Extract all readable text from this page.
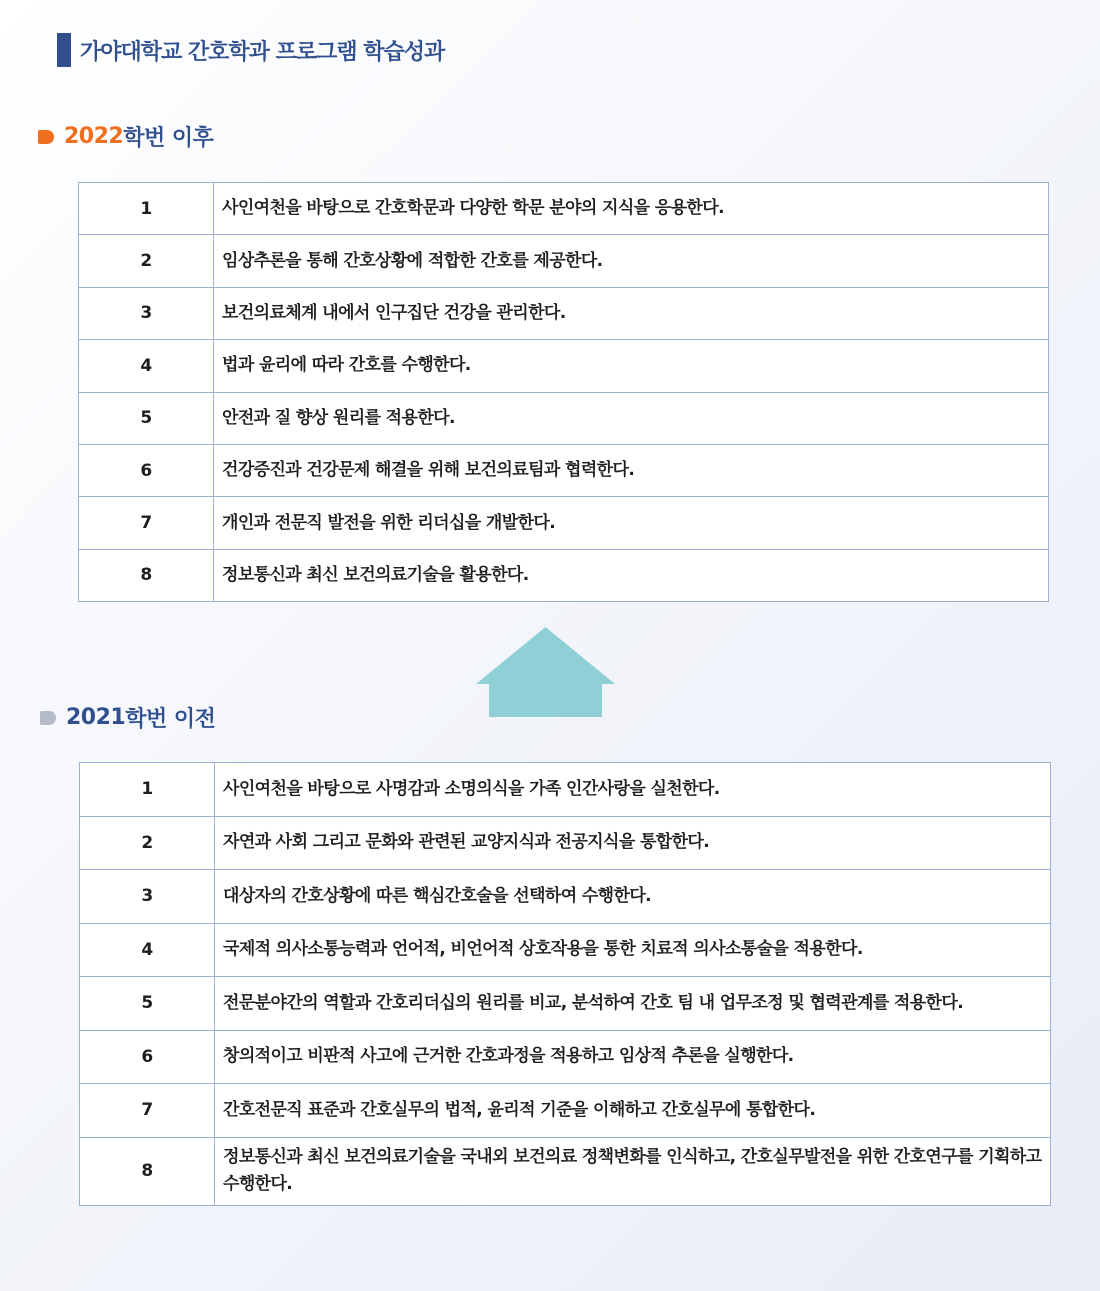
가야대학교 간호학과 프로그램 학습성과
2022 학번 이후
1	사인여천을 바탕으로 간호학문과 다양한 학문 분야의 지식을 응용한다.
2	임상추론을 통해 간호상황에 적합한 간호를 제공한다.
3	보건의료체계 내에서 인구집단 건강을 관리한다.
4	법과 윤리에 따라 간호를 수행한다.
5	안전과 질 향상 원리를 적용한다.
6	건강증진과 건강문제 해결을 위해 보건의료팀과 협력한다.
7	개인과 전문직 발전을 위한 리더십을 개발한다.
8	정보통신과 최신 보건의료기술을 활용한다.
2021 학번 이전
1	사인여천을 바탕으로 사명감과 소명의식을 가족 인간사랑을 실천한다.
2	자연과 사회 그리고 문화와 관련된 교양지식과 전공지식을 통합한다.
3	대상자의 간호상황에 따른 핵심간호술을 선택하여 수행한다.
4	국제적 의사소통능력과 언어적, 비언어적 상호작용을 통한 치료적 의사소통술을 적용한다.
5	전문분야간의 역할과 간호리더십의 원리를 비교, 분석하여 간호 팀 내 업무조정 및 협력관계를 적용한다.
6	창의적이고 비판적 사고에 근거한 간호과정을 적용하고 임상적 추론을 실행한다.
7	간호전문직 표준과 간호실무의 법적, 윤리적 기준을 이해하고 간호실무에 통합한다.
8	정보통신과 최신 보건의료기술을 국내외 보건의료 정책변화를 인식하고, 간호실무발전을 위한 간호연구를 기획하고 수행한다.
